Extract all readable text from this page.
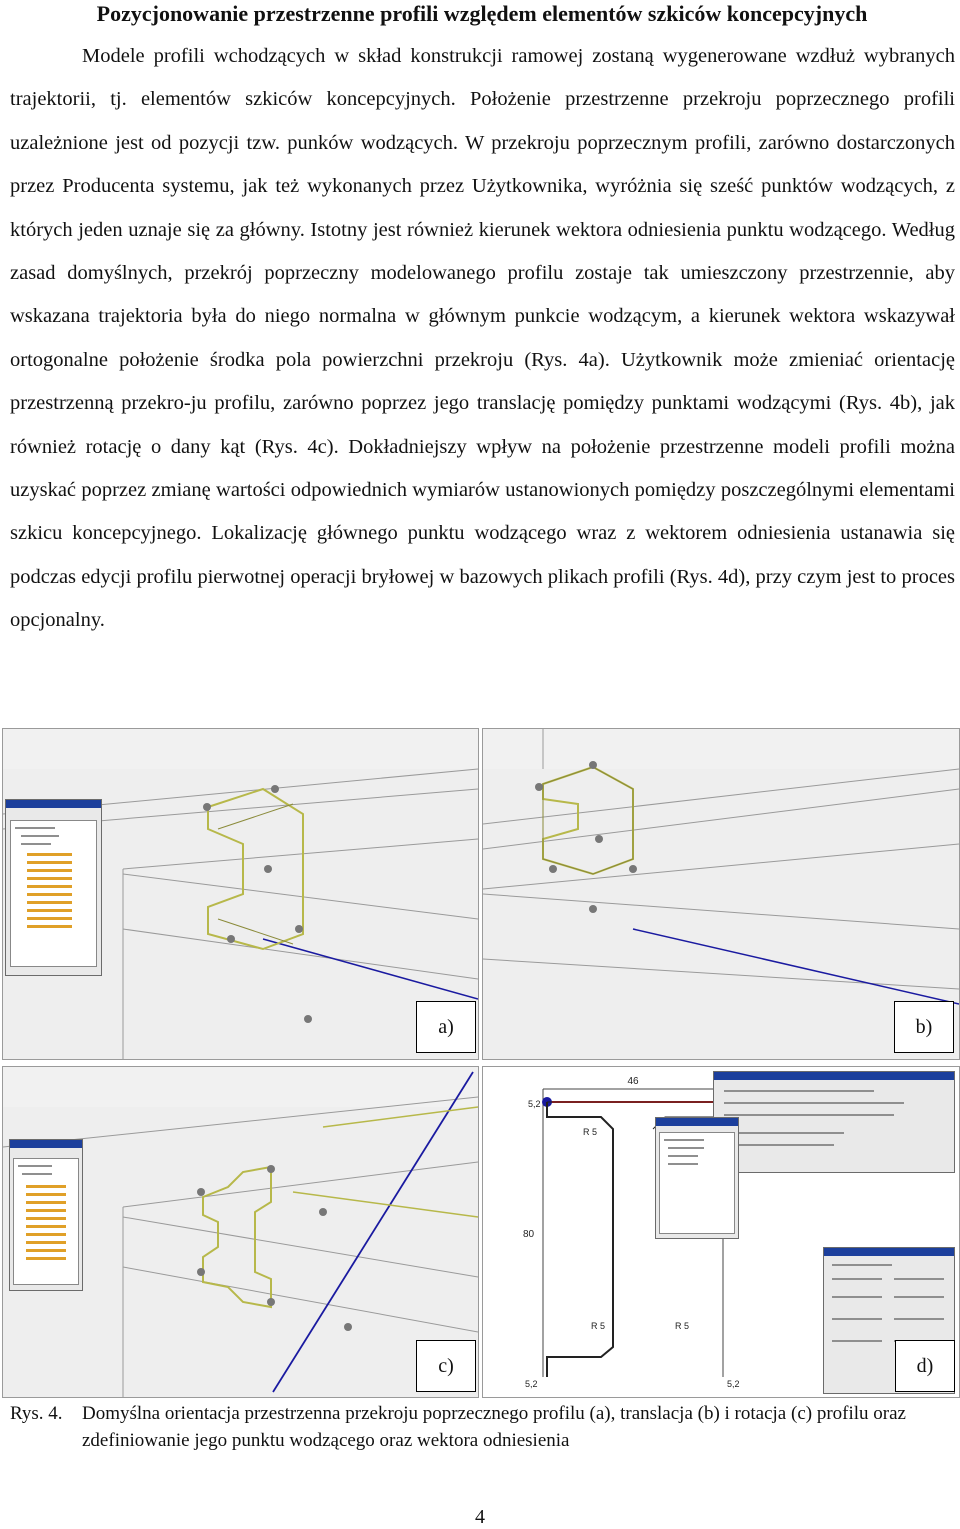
Pozycjonowanie przestrzenne profili względem elementów szkiców koncepcyjnych
Modele profili wchodzących w skład konstrukcji ramowej zostaną wygenerowane wzdłuż wybranych trajektorii, tj. elementów szkiców koncepcyjnych. Położenie przestrzenne przekroju poprzecznego profili uzależnione jest od pozycji tzw. punków wodzących. W przekroju poprzecznym profili, zarówno dostarczonych przez Producenta systemu, jak też wykonanych przez Użytkownika, wyróżnia się sześć punktów wodzących, z których jeden uznaje się za główny. Istotny jest również kierunek wektora odniesienia punktu wodzącego. Według zasad domyślnych, przekrój poprzeczny modelowanego profilu zostaje tak umieszczony przestrzennie, aby wskazana trajektoria była do niego normalna w głównym punkcie wodzącym, a kierunek wektora wskazywał ortogonalne położenie środka pola powierzchni przekroju (Rys. 4a). Użytkownik może zmieniać orientację przestrzenną przekro-ju profilu, zarówno poprzez jego translację pomiędzy punktami wodzącymi (Rys. 4b), jak również rotację o dany kąt (Rys. 4c). Dokładniejszy wpływ na położenie przestrzenne modeli profili można uzyskać poprzez zmianę wartości odpowiednich wymiarów ustanowionych pomiędzy poszczególnymi elementami szkicu koncepcyjnego. Lokalizację głównego punktu wodzącego wraz z wektorem odniesienia ustanawia się podczas edycji profilu pierwotnej operacji bryłowej w bazowych plikach profili (Rys. 4d), przy czym jest to proces opcjonalny.
a)	b)
c)
46
5,2
R 5
80
R 5	R 5
5,2	5,2
d)
Rys. 4. Domyślna orientacja przestrzenna przekroju poprzecznego profilu (a), translacja (b) i rotacja (c) profilu oraz zdefiniowanie jego punktu wodzącego oraz wektora odniesienia
4
